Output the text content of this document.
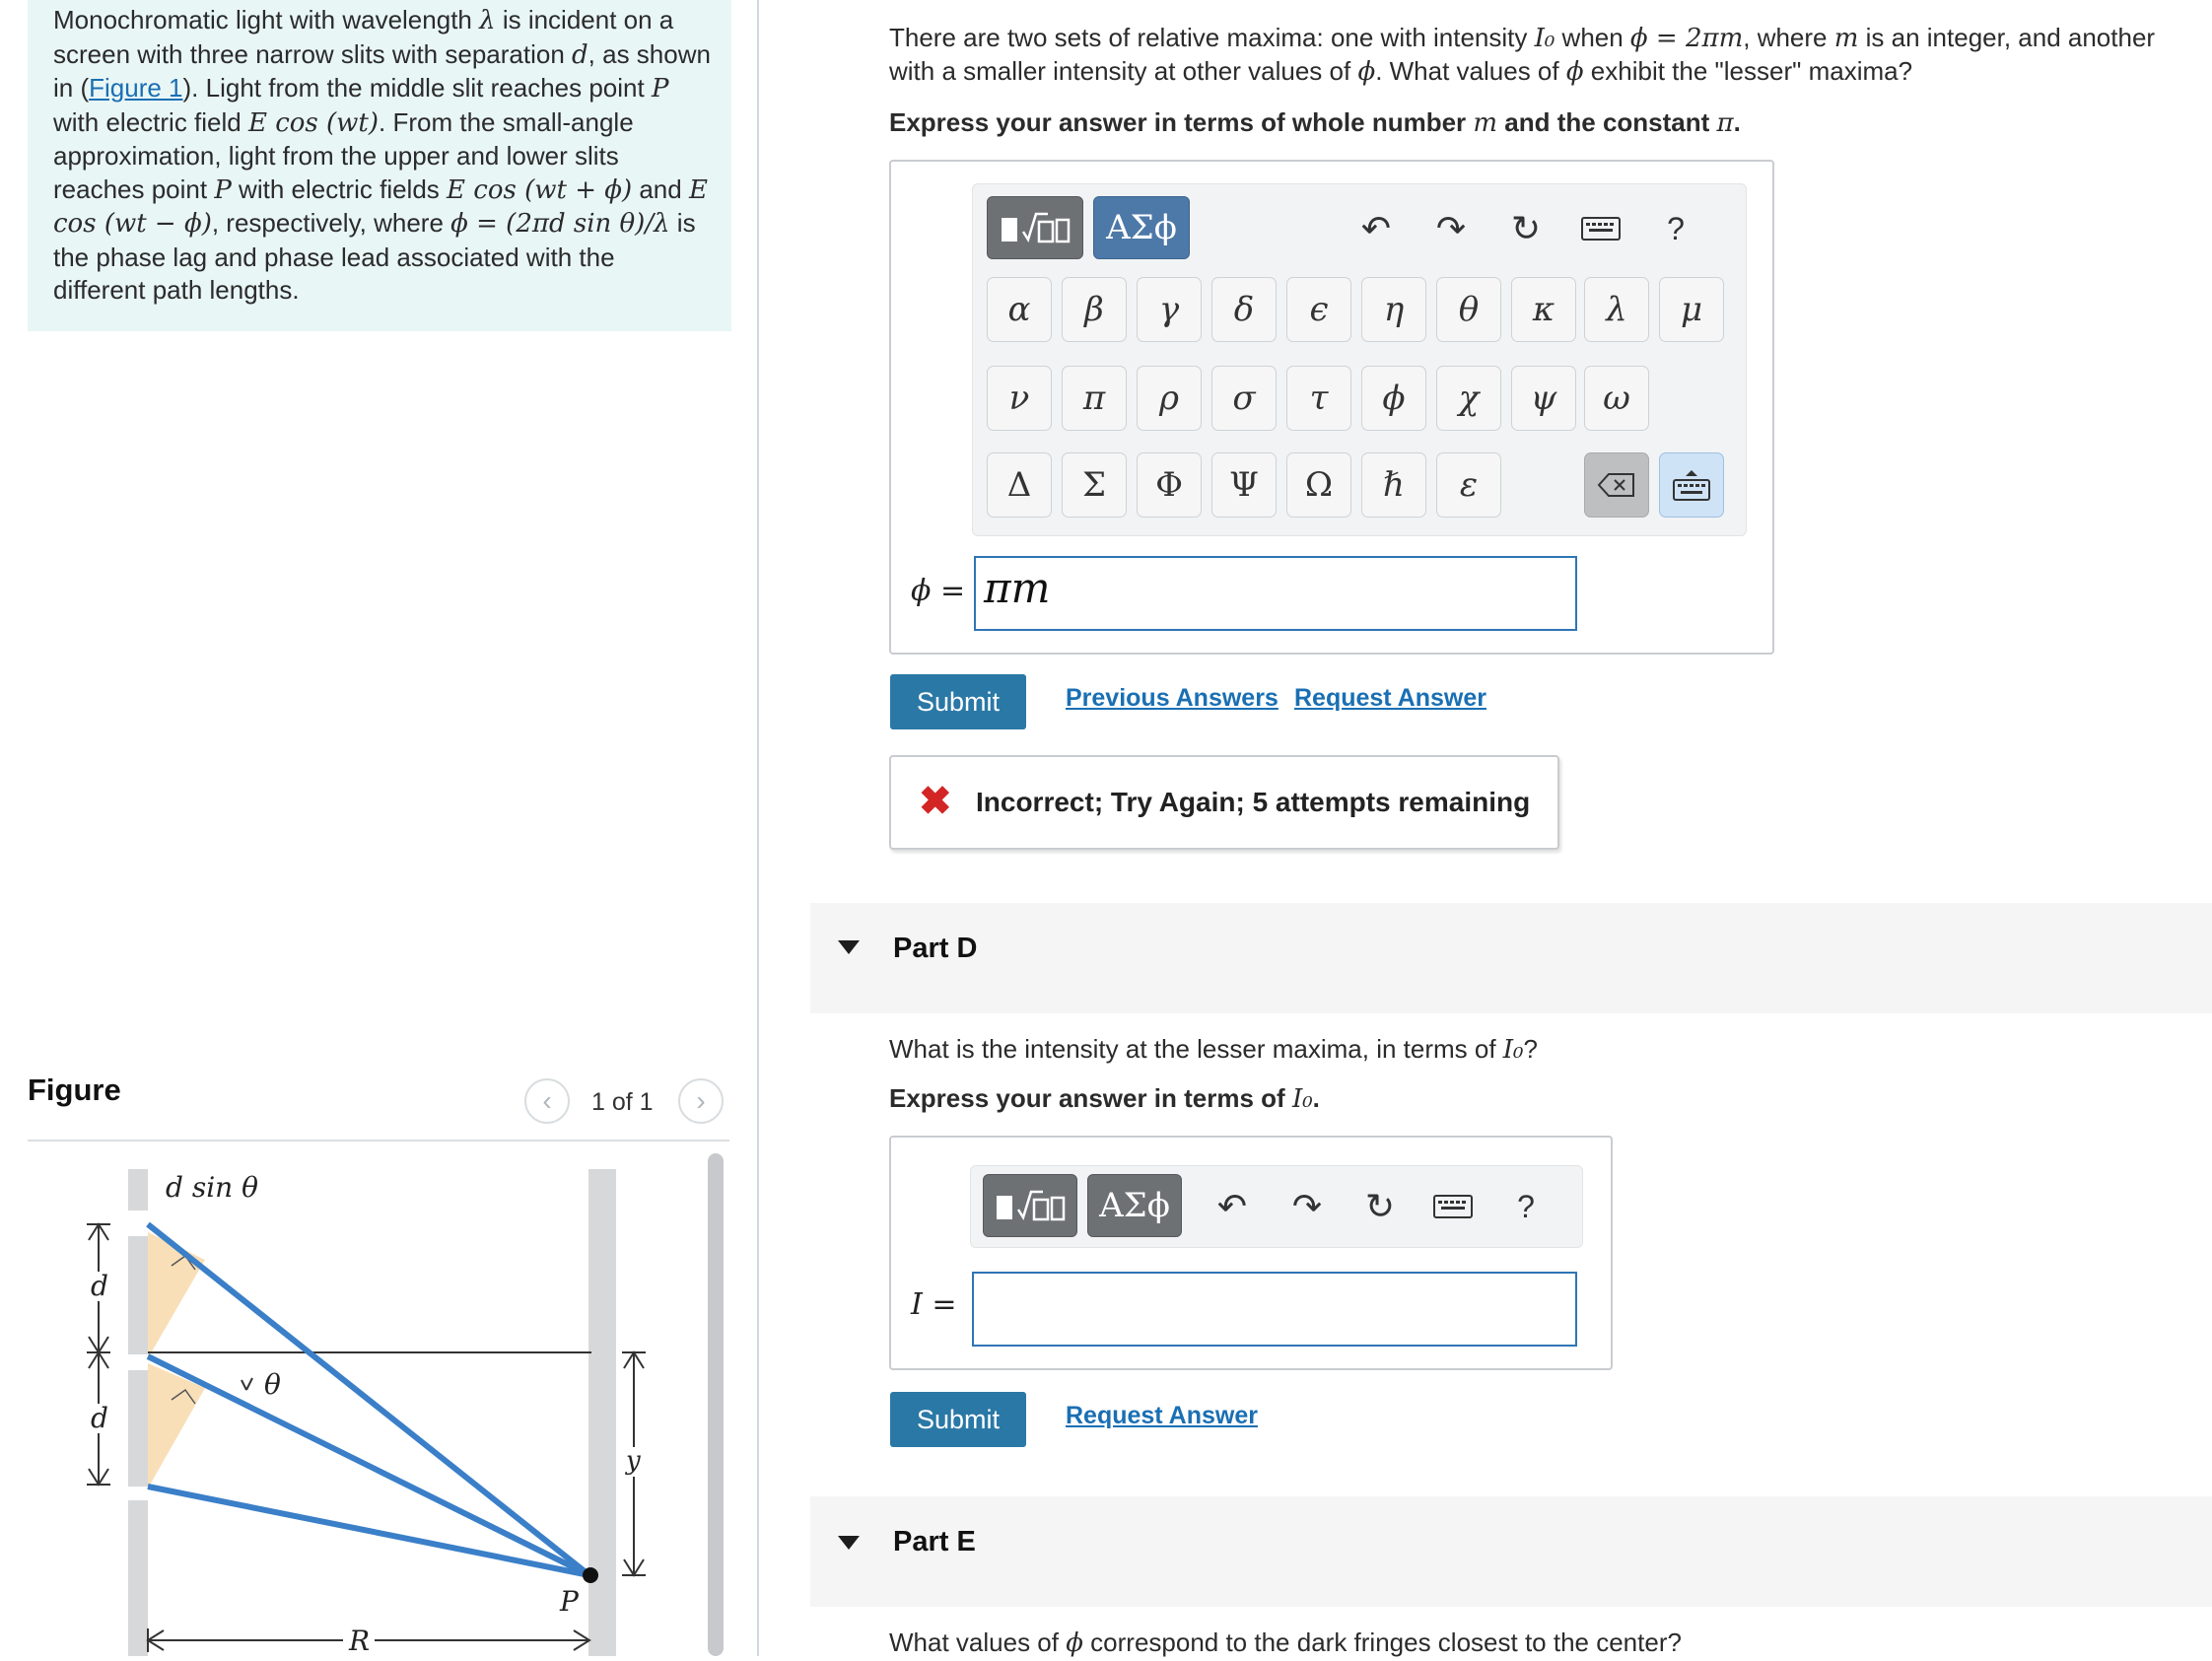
Monochromatic light with wavelength λ is incident on a screen with three narrow slits with separation d, as shown in (Figure 1). Light from the middle slit reaches point P with electric field E cos (wt). From the small-angle approximation, light from the upper and lower slits reaches point P with electric fields E cos (wt + ϕ) and E cos (wt − ϕ), respectively, where ϕ = (2πd sin θ)/λ is the phase lag and phase lead associated with the different path lengths.
Figure	‹	1 of 1	›
θ
d sin θ
d
d
y
P
R
There are two sets of relative maxima: one with intensity I₀ when ϕ = 2πm, where m is an integer, and another with a smaller intensity at other values of ϕ. What values of ϕ exhibit the "lesser" maxima?
Express your answer in terms of whole number m and the constant π.
ΑΣϕ	↶ ↷ ↻	?
α	β	γ	δ	ϵ	η	θ	κ	λ	μ
ν	π	ρ	σ	τ	ϕ	χ	ψ	ω
Δ	Σ	Φ	Ψ	Ω	ℏ	ε
ϕ = πm
Submit	Previous Answers Request Answer
✖ Incorrect; Try Again; 5 attempts remaining
Part D
What is the intensity at the lesser maxima, in terms of I₀?
Express your answer in terms of I₀.
ΑΣϕ	↶ ↷ ↻	?
I =
Submit	Request Answer
Part E
What values of ϕ correspond to the dark fringes closest to the center?
